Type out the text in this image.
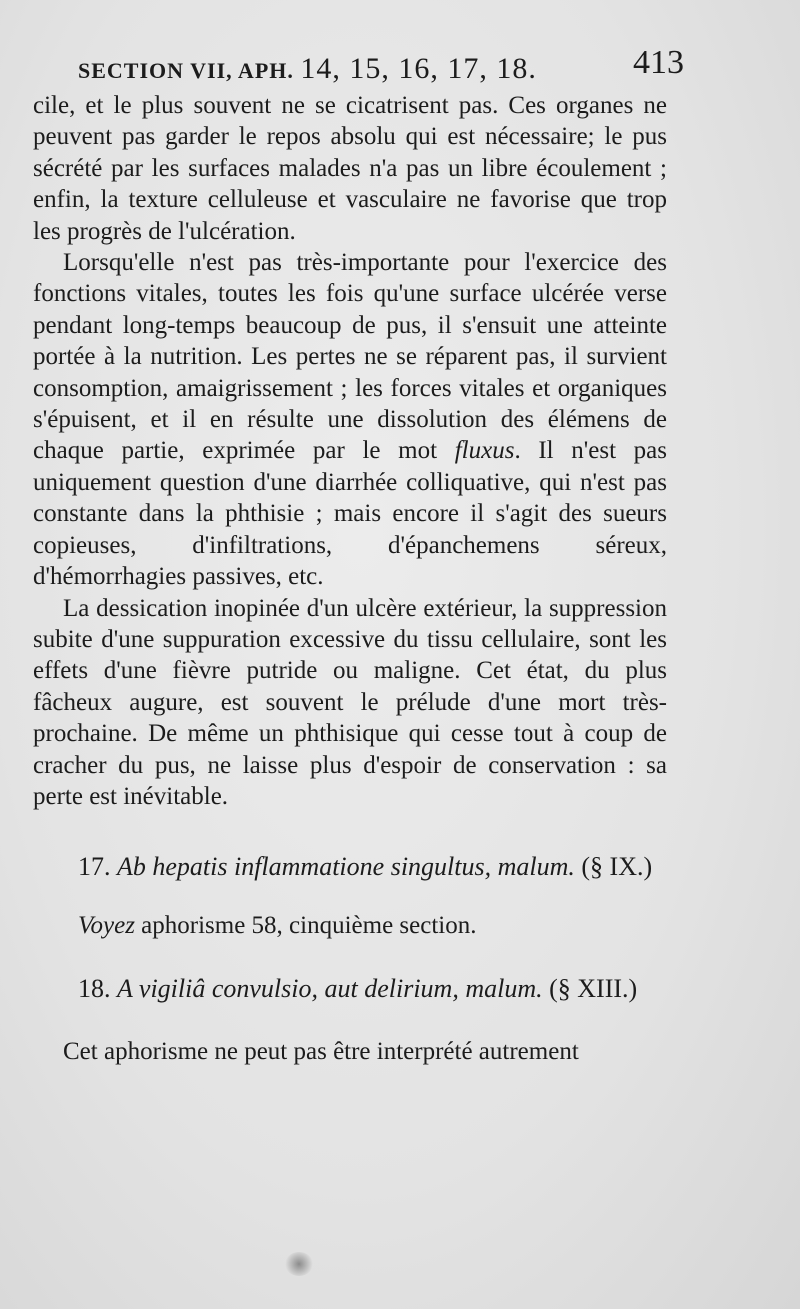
SECTION VII, APH. 14, 15, 16, 17, 18.	413

cile, et le plus souvent ne se cicatrisent pas. Ces organes ne peuvent pas garder le repos absolu qui est nécessaire; le pus sécrété par les surfaces malades n'a pas un libre écoulement ; enfin, la texture celluleuse et vasculaire ne favorise que trop les progrès de l'ulcération.

Lorsqu'elle n'est pas très-importante pour l'exercice des fonctions vitales, toutes les fois qu'une surface ulcérée verse pendant long-temps beaucoup de pus, il s'ensuit une atteinte portée à la nutrition. Les pertes ne se réparent pas, il survient consomption, amaigrissement ; les forces vitales et organiques s'épuisent, et il en résulte une dissolution des élémens de chaque partie, exprimée par le mot fluxus. Il n'est pas uniquement question d'une diarrhée colliquative, qui n'est pas constante dans la phthisie ; mais encore il s'agit des sueurs copieuses, d'infiltrations, d'épanchemens séreux, d'hémorrhagies passives, etc.

La dessication inopinée d'un ulcère extérieur, la suppression subite d'une suppuration excessive du tissu cellulaire, sont les effets d'une fièvre putride ou maligne. Cet état, du plus fâcheux augure, est souvent le prélude d'une mort très-prochaine. De même un phthisique qui cesse tout à coup de cracher du pus, ne laisse plus d'espoir de conservation : sa perte est inévitable.

17. Ab hepatis inflammatione singultus, malum. (§ IX.)

Voyez aphorisme 58, cinquième section.

18. A vigiliâ convulsio, aut delirium, malum. (§ XIII.)

Cet aphorisme ne peut pas être interprété autrement
